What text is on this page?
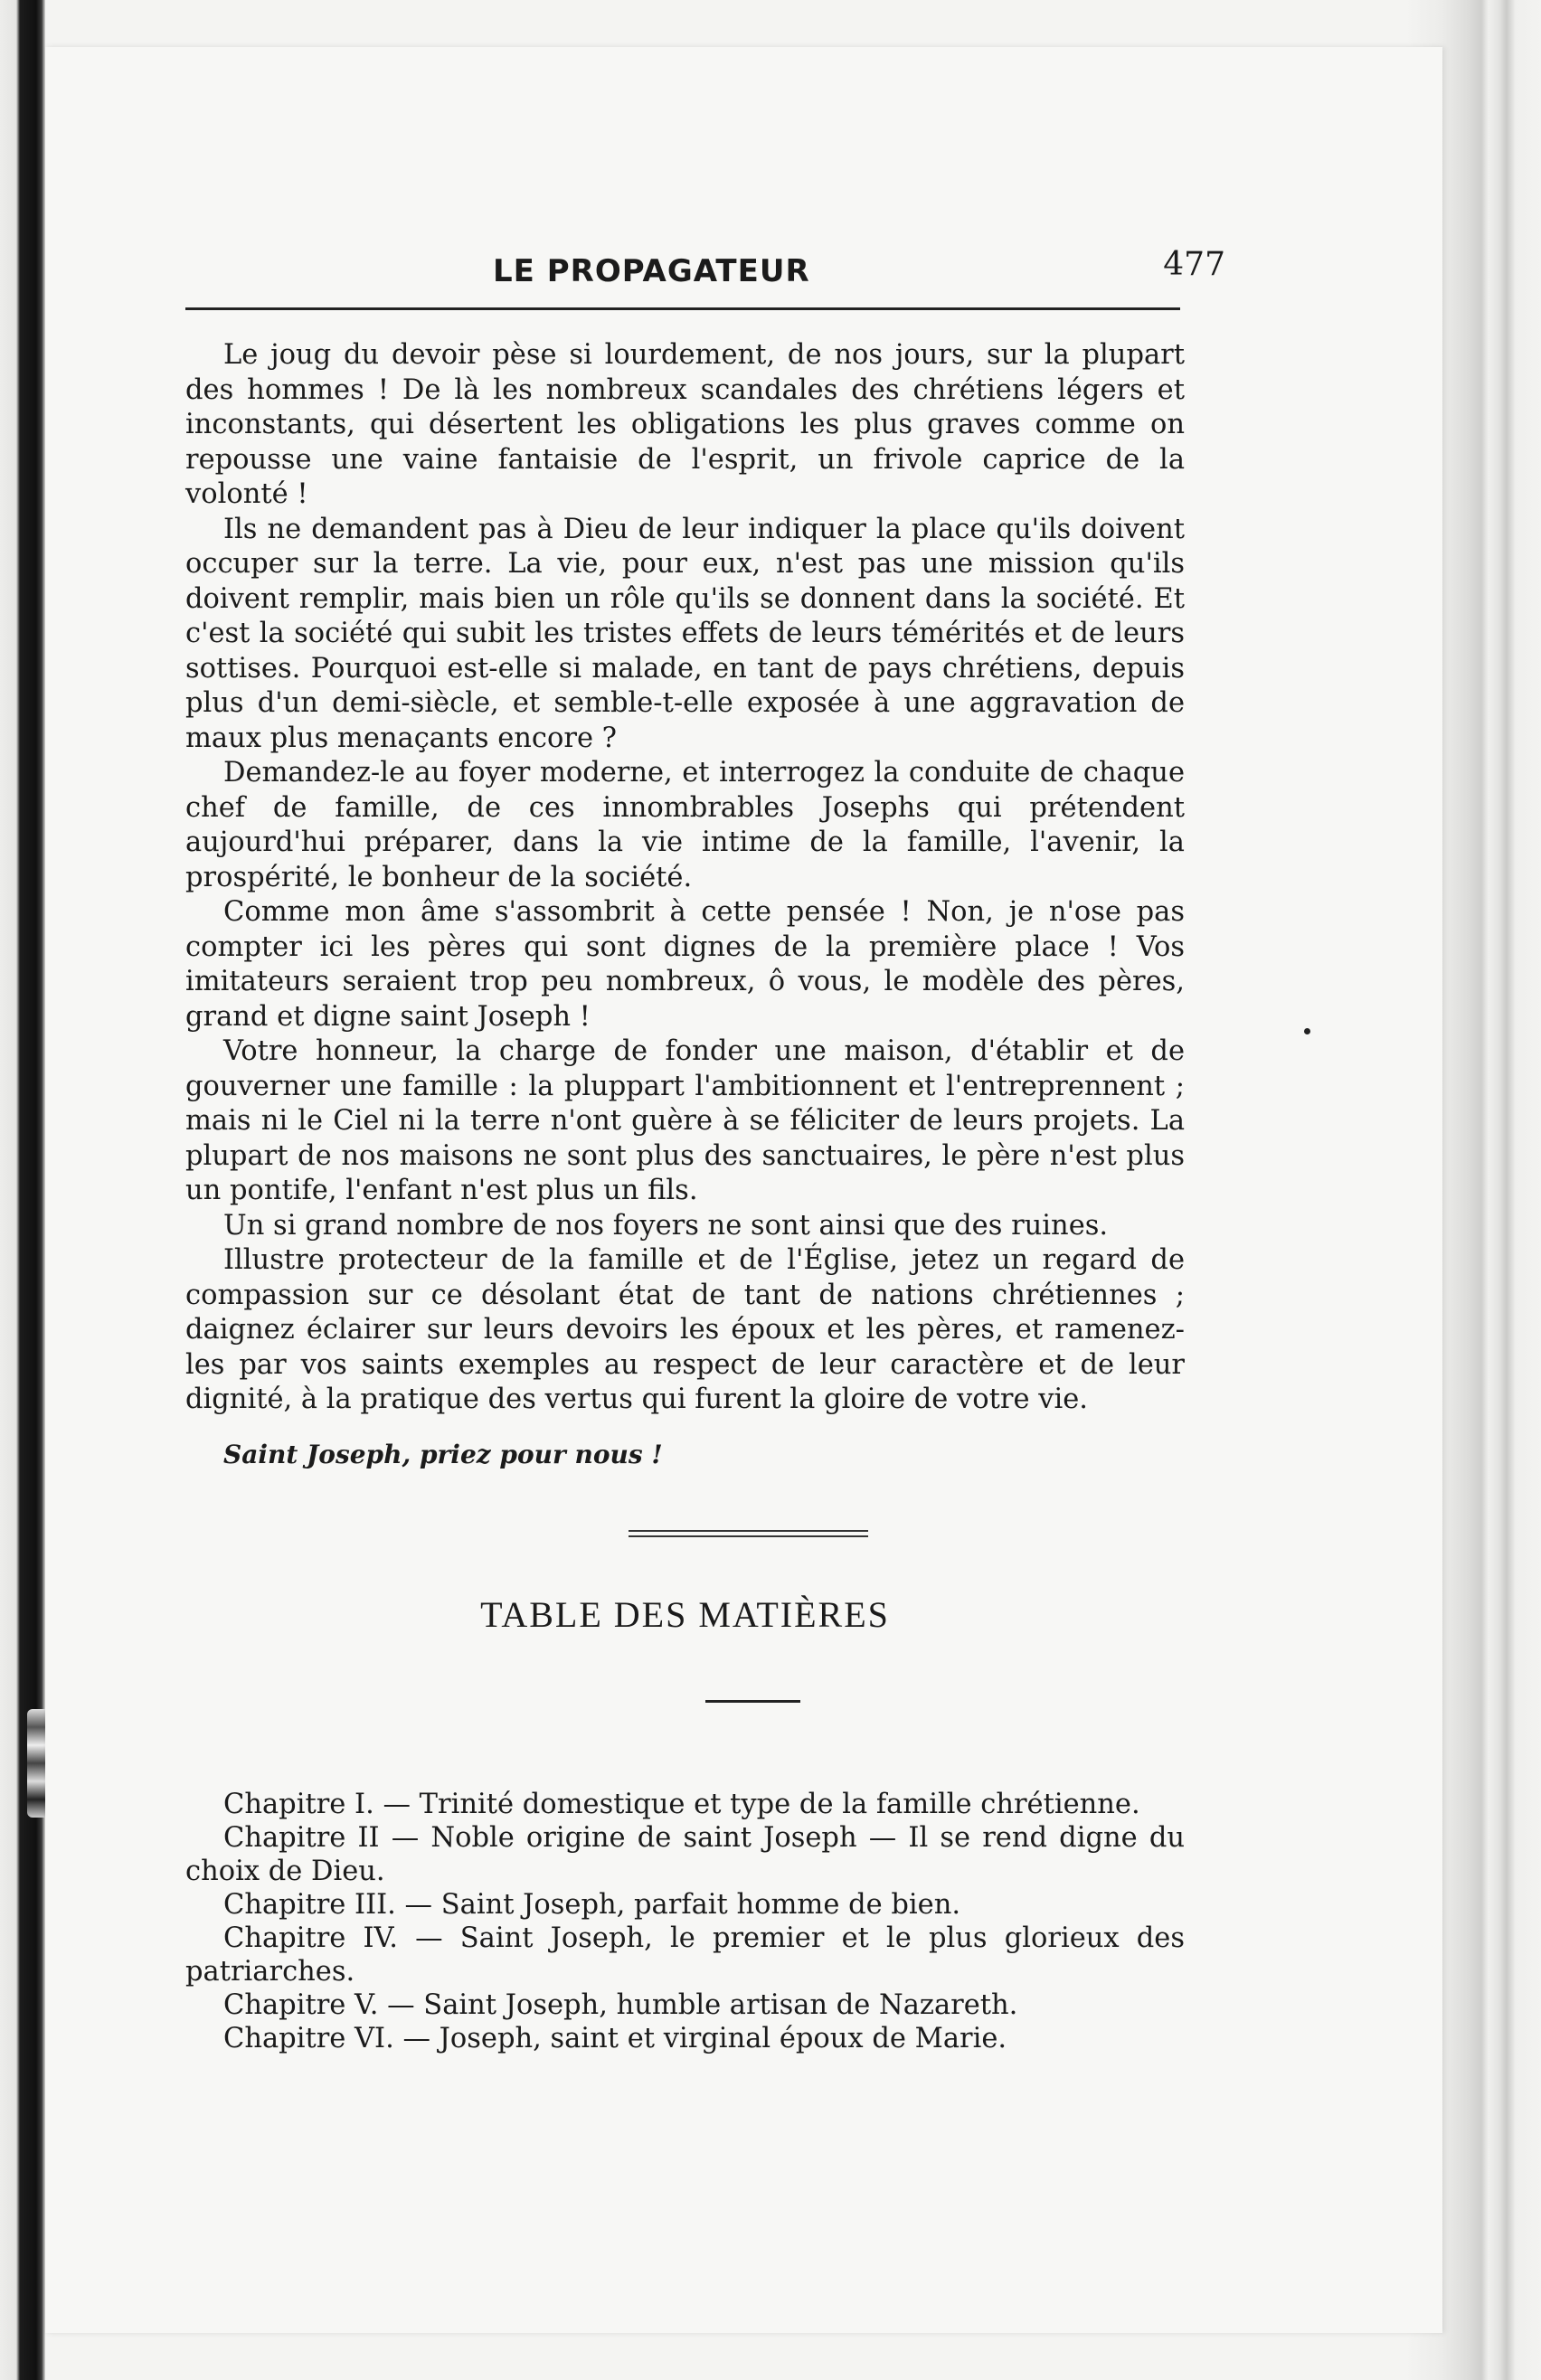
LE PROPAGATEUR	477

Le joug du devoir pèse si lourdement, de nos jours, sur la plupart des hommes ! De là les nombreux scandales des chrétiens légers et inconstants, qui désertent les obligations les plus graves comme on repousse une vaine fantaisie de l'esprit, un frivole caprice de la volonté !

Ils ne demandent pas à Dieu de leur indiquer la place qu'ils doivent occuper sur la terre. La vie, pour eux, n'est pas une mission qu'ils doivent remplir, mais bien un rôle qu'ils se donnent dans la société. Et c'est la société qui subit les tristes effets de leurs témérités et de leurs sottises. Pourquoi est-elle si malade, en tant de pays chrétiens, depuis plus d'un demi-siècle, et semble-t-elle exposée à une aggravation de maux plus menaçants encore ?

Demandez-le au foyer moderne, et interrogez la conduite de chaque chef de famille, de ces innombrables Josephs qui prétendent aujourd'hui préparer, dans la vie intime de la famille, l'avenir, la prospérité, le bonheur de la société.

Comme mon âme s'assombrit à cette pensée ! Non, je n'ose pas compter ici les pères qui sont dignes de la première place ! Vos imitateurs seraient trop peu nombreux, ô vous, le modèle des pères, grand et digne saint Joseph !

Votre honneur, la charge de fonder une maison, d'établir et de gouverner une famille : la pluppart l'ambitionnent et l'entreprennent ; mais ni le Ciel ni la terre n'ont guère à se féliciter de leurs projets. La plupart de nos maisons ne sont plus des sanctuaires, le père n'est plus un pontife, l'enfant n'est plus un fils.

Un si grand nombre de nos foyers ne sont ainsi que des ruines.

Illustre protecteur de la famille et de l'Église, jetez un regard de compassion sur ce désolant état de tant de nations chrétiennes ; daignez éclairer sur leurs devoirs les époux et les pères, et ramenez-les par vos saints exemples au respect de leur caractère et de leur dignité, à la pratique des vertus qui furent la gloire de votre vie.

Saint Joseph, priez pour nous !

TABLE DES MATIÈRES

Chapitre I. — Trinité domestique et type de la famille chrétienne.

Chapitre II — Noble origine de saint Joseph — Il se rend digne du choix de Dieu.

Chapitre III. — Saint Joseph, parfait homme de bien.

Chapitre IV. — Saint Joseph, le premier et le plus glorieux des patriarches.

Chapitre V. — Saint Joseph, humble artisan de Nazareth.

Chapitre VI. — Joseph, saint et virginal époux de Marie.
